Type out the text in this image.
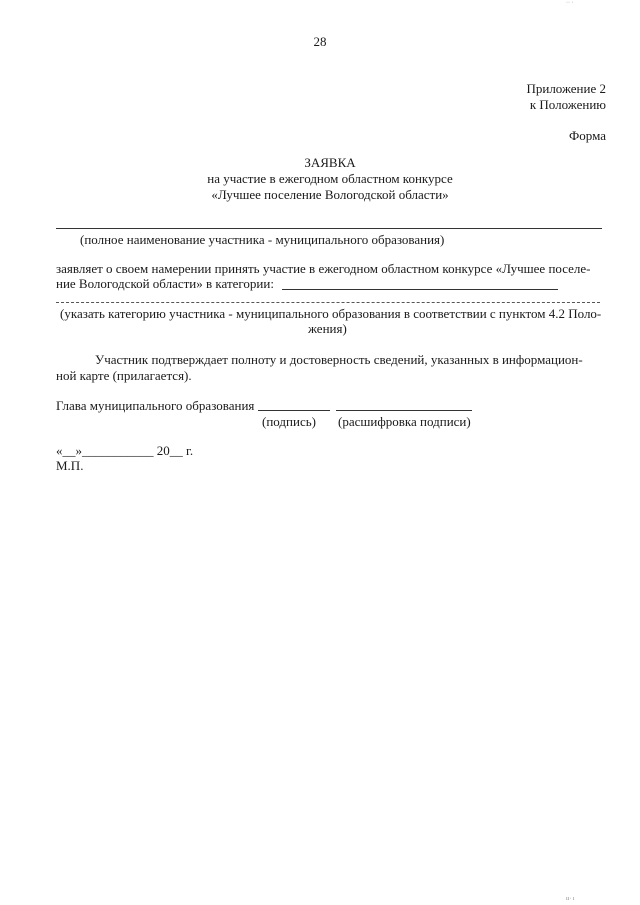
·· ·
28
Приложение 2
к Положению
Форма
ЗАЯВКА
на участие в ежегодном областном конкурсе
«Лучшее поселение Вологодской области»
(полное наименование участника - муниципального образования)
заявляет о своем намерении принять участие в ежегодном областном конкурсе «Лучшее поселе-
ние Вологодской области» в категории:
(указать категорию участника - муниципального образования в соответствии с пунктом 4.2 Поло-
жения)
Участник подтверждает полноту и достоверность сведений, указанных в информацион-
ной карте (прилагается).
Глава муниципального образования
(подпись) (расшифровка подписи)
«__»___________ 20__ г.
М.П.
ıı· ı
